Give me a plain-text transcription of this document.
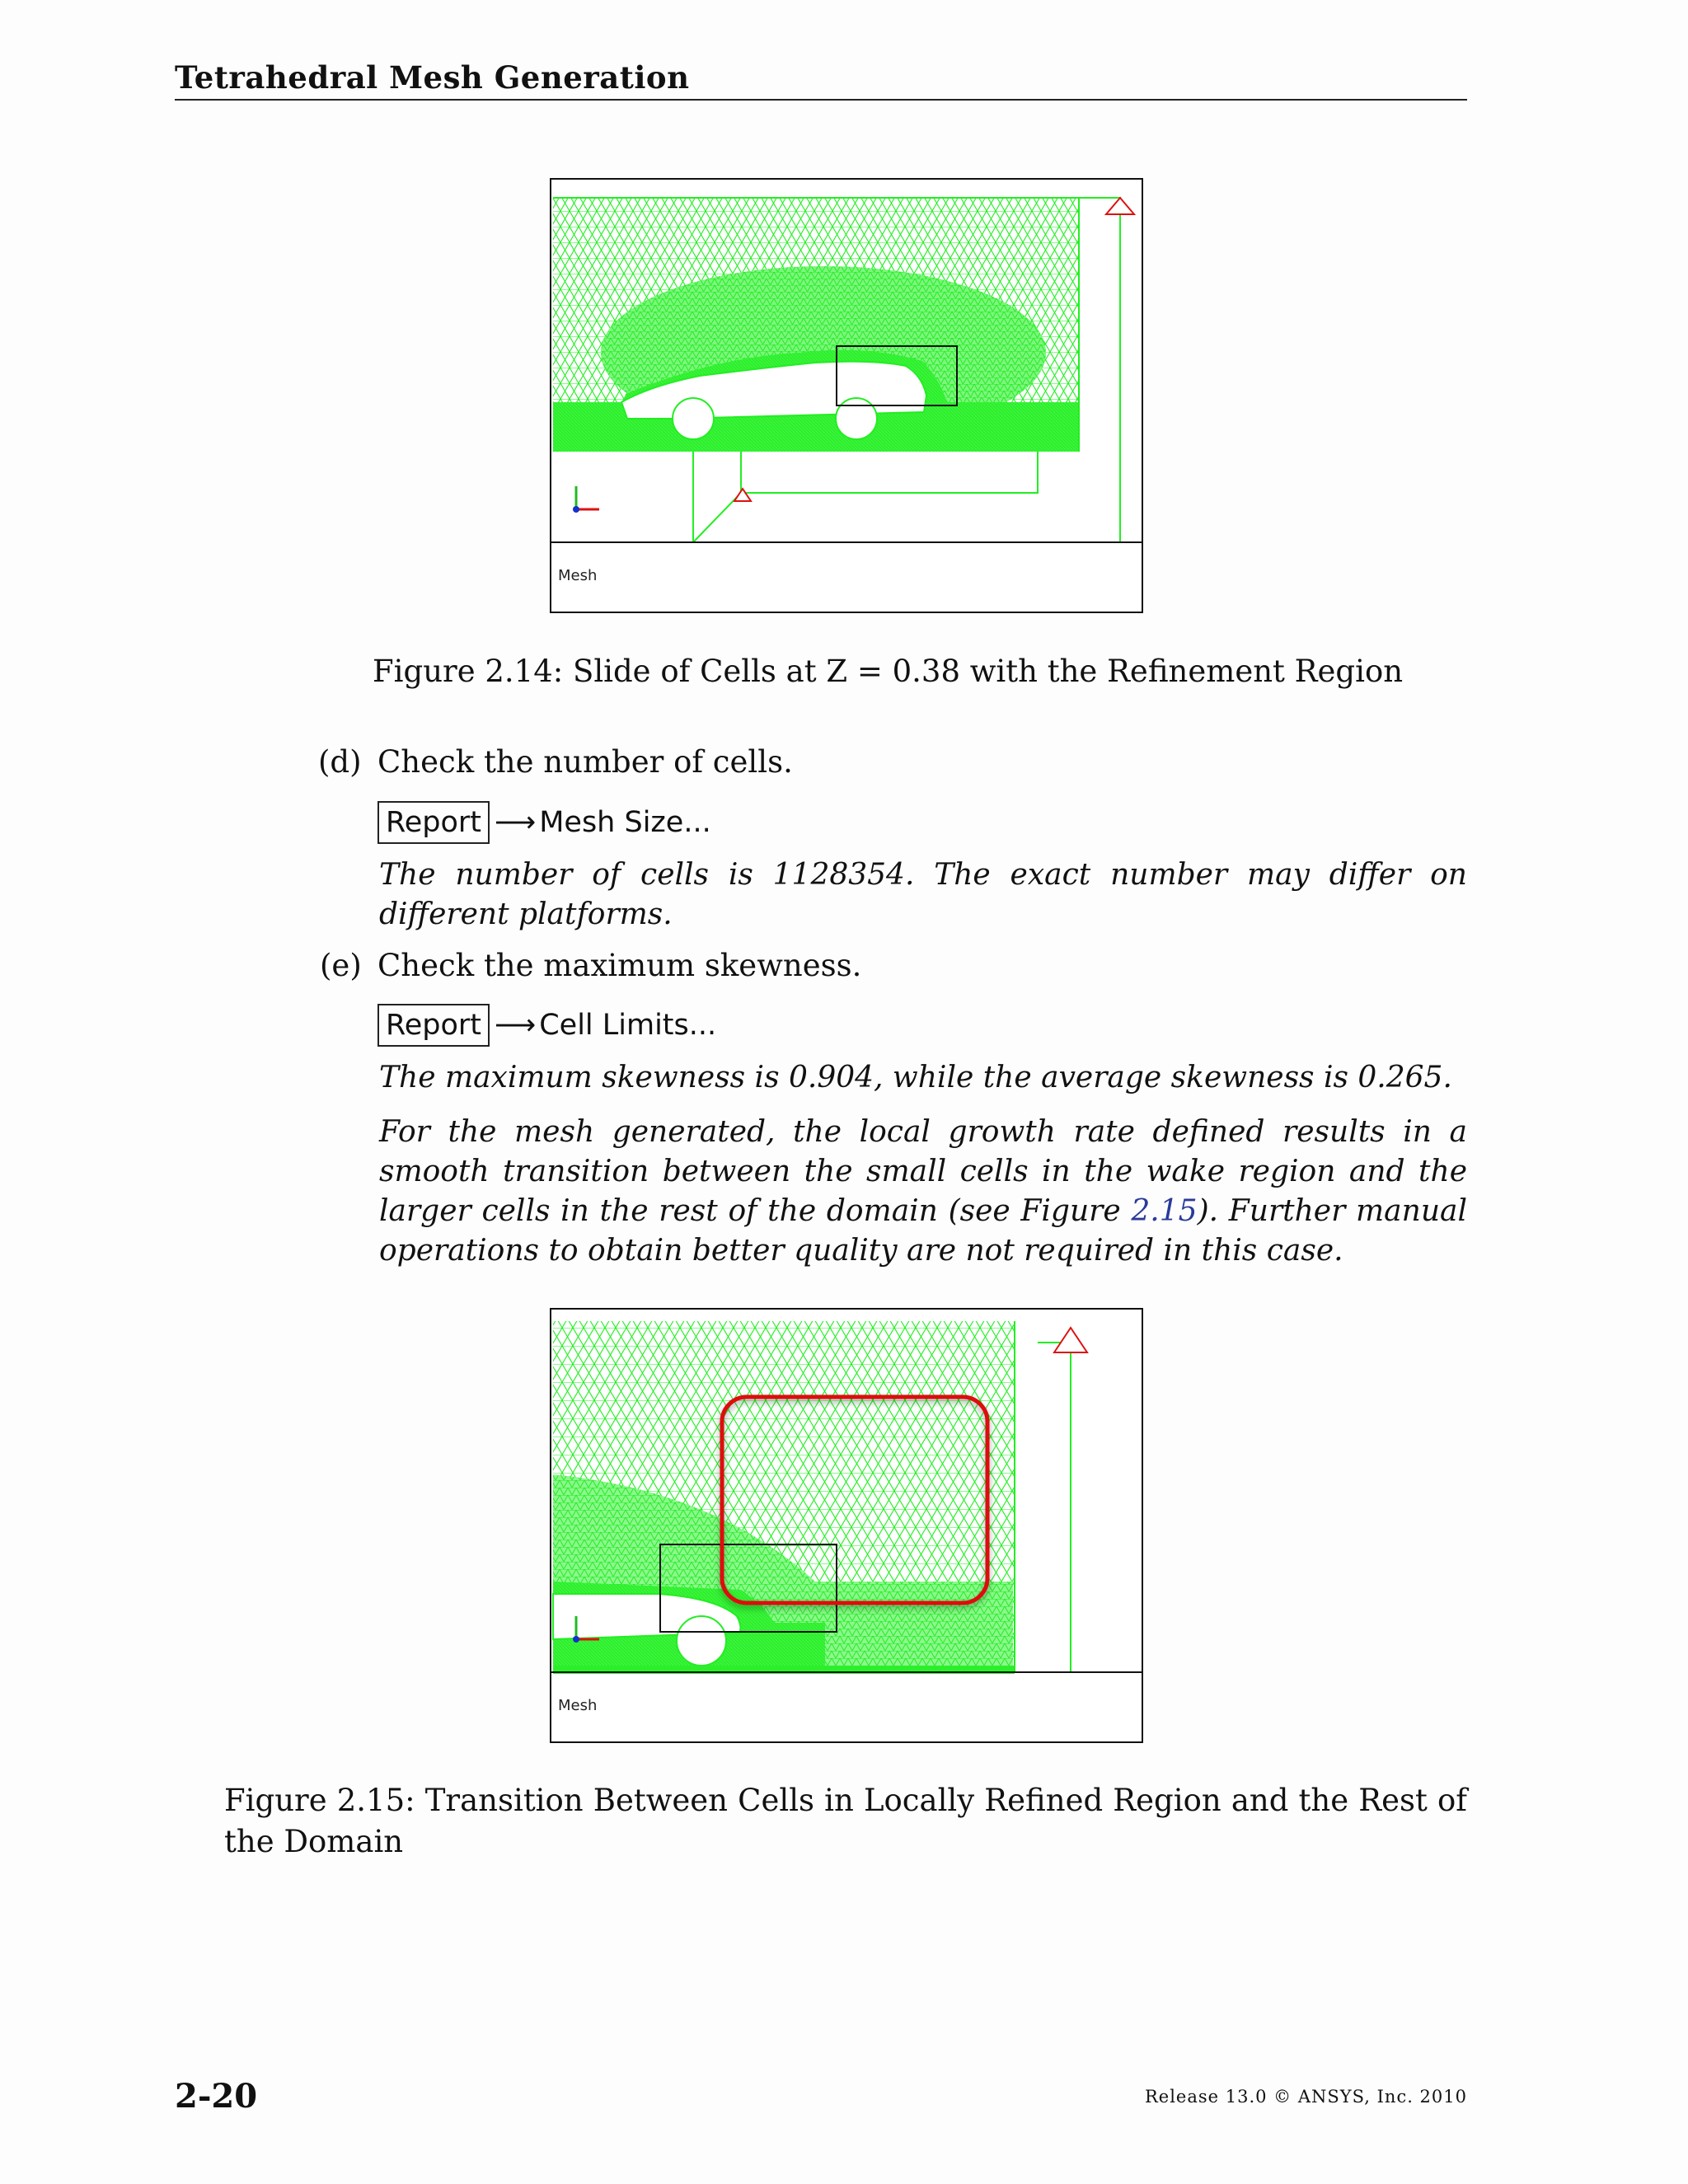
Tetrahedral Mesh Generation
Mesh
Figure 2.14: Slide of Cells at Z = 0.38 with the Refinement Region
(d) Check the number of cells.
Report ⟶ Mesh Size...
The number of cells is 1128354. The exact number may differ on different platforms.
(e) Check the maximum skewness.
Report ⟶ Cell Limits...
The maximum skewness is 0.904, while the average skewness is 0.265.
For the mesh generated, the local growth rate defined results in a smooth transition between the small cells in the wake region and the larger cells in the rest of the domain (see Figure 2.15). Further manual operations to obtain better quality are not required in this case.
Mesh
Figure 2.15: Transition Between Cells in Locally Refined Region and the Rest of the Domain
2-20	Release 13.0 © ANSYS, Inc. 2010
